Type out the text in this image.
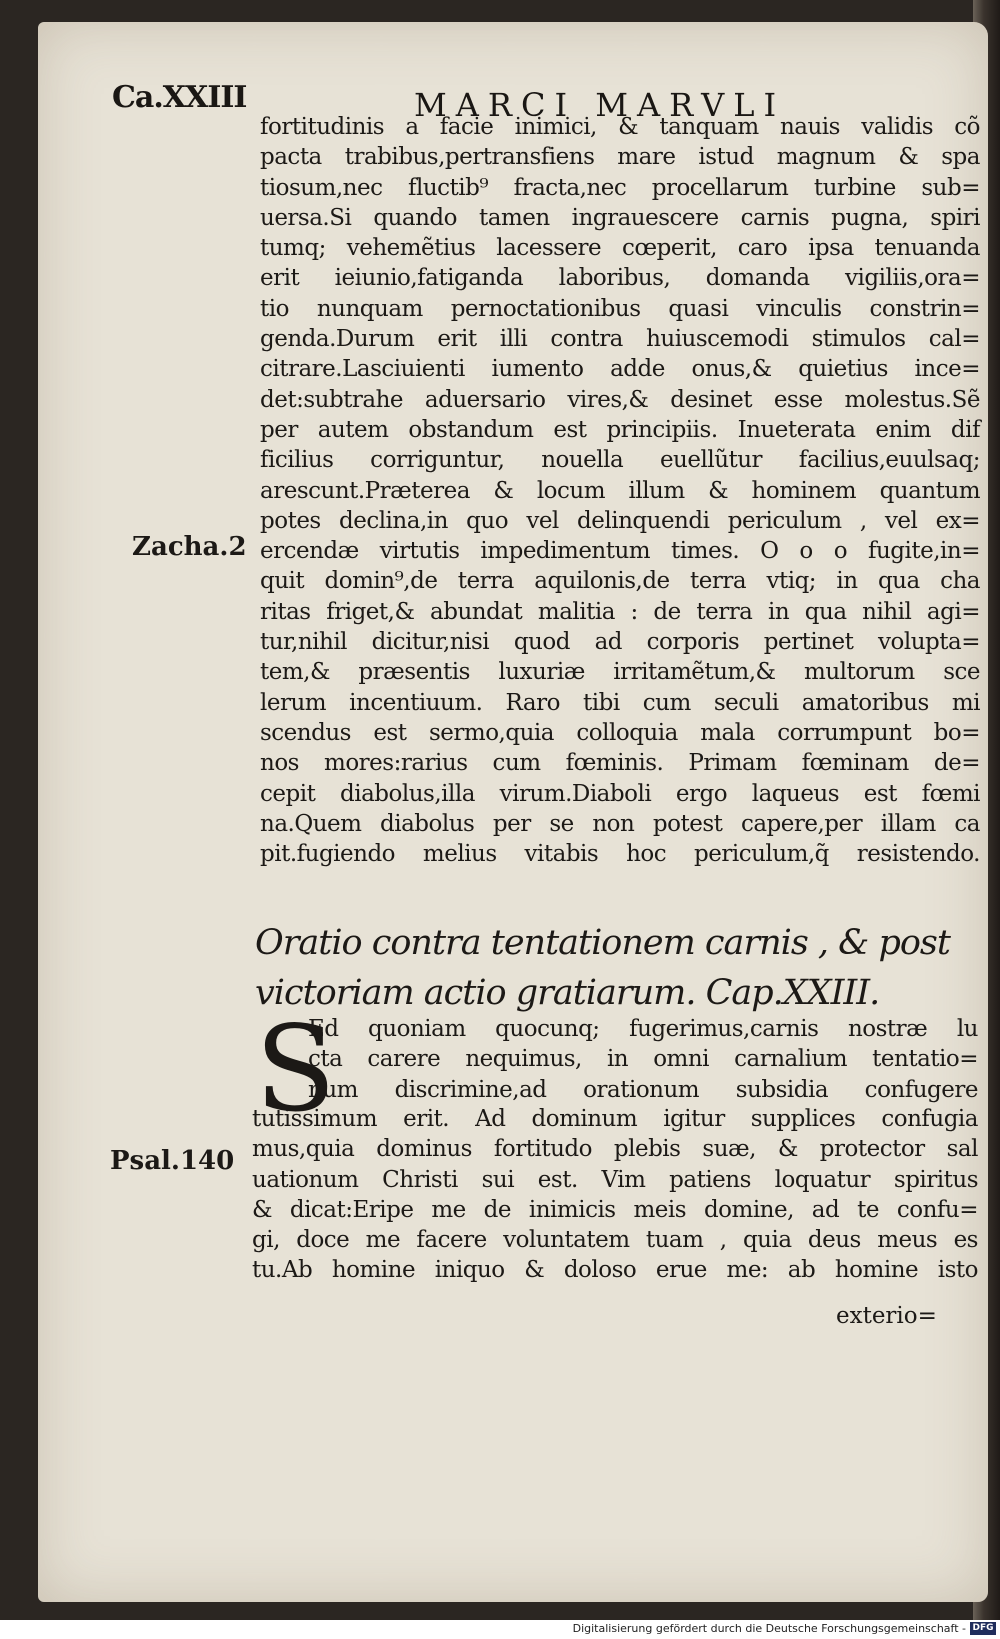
Ca.XXIII	MARCI MARVLI
fortitudinis a facie inimici, & tanquam nauis validis cõ
pacta trabibus,pertransfiens mare istud magnum & spa
tiosum,nec fluctib⁹ fracta,nec procellarum turbine sub=
uersa.Si quando tamen ingrauescere carnis pugna, spiri
tumq; vehemẽtius lacessere cœperit, caro ipsa tenuanda
erit ieiunio,fatiganda laboribus, domanda vigiliis,ora=
tio nunquam pernoctationibus quasi vinculis constrin=
genda.Durum erit illi contra huiuscemodi stimulos cal=
citrare.Lasciuienti iumento adde onus,& quietius ince=
det:subtrahe aduersario vires,& desinet esse molestus.Sẽ
per autem obstandum est principiis. Inueterata enim dif
ficilius corriguntur, nouella euellũtur facilius,euulsaq;
arescunt.Præterea & locum illum & hominem quantum
potes declina,in quo vel delinquendi periculum , vel ex=
ercendæ virtutis impedimentum times. O o o fugite,in=
quit domin⁹,de terra aquilonis,de terra vtiq; in qua cha
ritas friget,& abundat malitia : de terra in qua nihil agi=
tur,nihil dicitur,nisi quod ad corporis pertinet volupta=
tem,& præsentis luxuriæ irritamẽtum,& multorum sce
lerum incentiuum. Raro tibi cum seculi amatoribus mi
scendus est sermo,quia colloquia mala corrumpunt bo=
nos mores:rarius cum fœminis. Primam fœminam de=
cepit diabolus,illa virum.Diaboli ergo laqueus est fœmi
na.Quem diabolus per se non potest capere,per illam ca
pit.fugiendo melius vitabis hoc periculum,q̃ resistendo.
Zacha.2
Psal.140
Oratio contra tentationem carnis , & post
victoriam actio gratiarum. Cap.XXIII.
S
Ed quoniam quocunq; fugerimus,carnis nostræ lu
cta carere nequimus, in omni carnalium tentatio=
num discrimine,ad orationum subsidia confugere
tutissimum erit. Ad dominum igitur supplices confugia
mus,quia dominus fortitudo plebis suæ, & protector sal
uationum Christi sui est. Vim patiens loquatur spiritus
& dicat:Eripe me de inimicis meis domine, ad te confu=
gi, doce me facere voluntatem tuam , quia deus meus es
tu.Ab homine iniquo & doloso erue me: ab homine isto
exterio=
Digitalisierung gefördert durch die Deutsche Forschungsgemeinschaft - DFG
